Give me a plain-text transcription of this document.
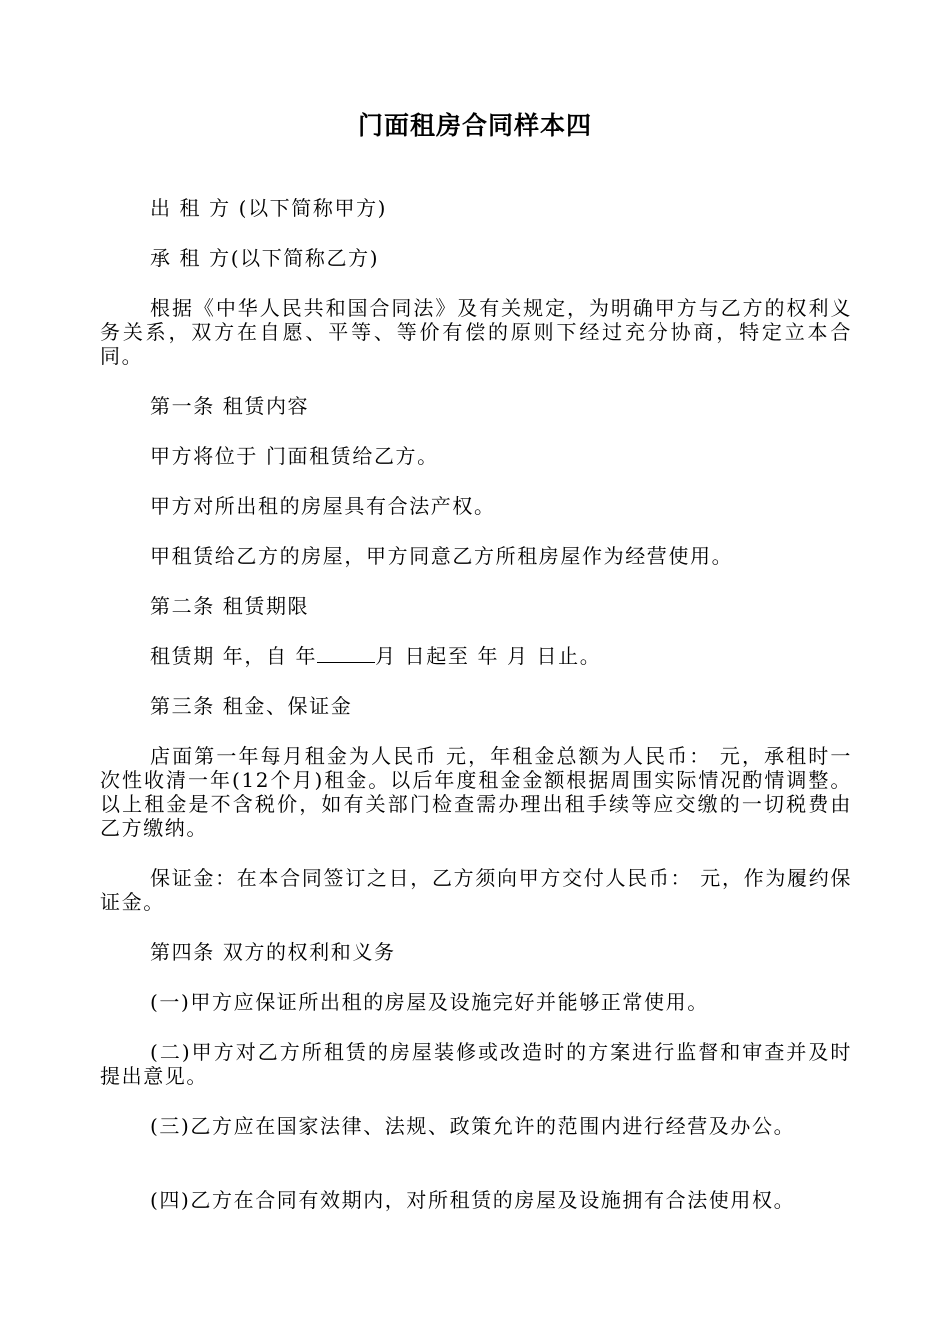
门面租房合同样本四

出 租 方 (以下简称甲方)

承 租 方(以下简称乙方)

根据《中华人民共和国合同法》及有关规定，为明确甲方与乙方的权利义务关系，双方在自愿、平等、等价有偿的原则下经过充分协商，特定立本合同。

第一条 租赁内容

甲方将位于 门面租赁给乙方。

甲方对所出租的房屋具有合法产权。

甲租赁给乙方的房屋，甲方同意乙方所租房屋作为经营使用。

第二条 租赁期限

租赁期 年，自 年	月 日起至 年 月 日止。

第三条 租金、保证金

店面第一年每月租金为人民币 元，年租金总额为人民币： 元，承租时一次性收清一年(12个月)租金。以后年度租金金额根据周围实际情况酌情调整。以上租金是不含税价，如有关部门检查需办理出租手续等应交缴的一切税费由乙方缴纳。

保证金：在本合同签订之日，乙方须向甲方交付人民币： 元，作为履约保证金。

第四条 双方的权利和义务

(一)甲方应保证所出租的房屋及设施完好并能够正常使用。

(二)甲方对乙方所租赁的房屋装修或改造时的方案进行监督和审查并及时提出意见。

(三)乙方应在国家法律、法规、政策允许的范围内进行经营及办公。

(四)乙方在合同有效期内，对所租赁的房屋及设施拥有合法使用权。
